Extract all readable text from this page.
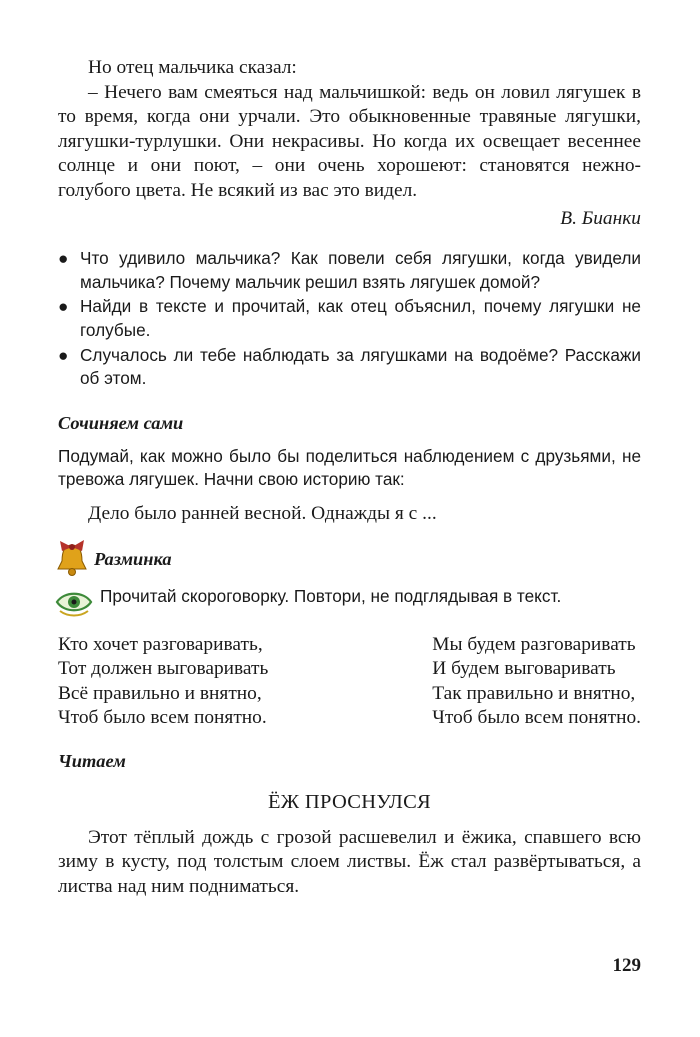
Но отец мальчика сказал:

– Нечего вам смеяться над мальчишкой: ведь он ловил лягушек в то время, когда они урчали. Это обыкновенные травяные лягушки, лягушки-турлушки. Они некрасивы. Но когда их освещает весеннее солнце и они поют, – они очень хорошеют: становятся нежно-голубого цвета. Не всякий из вас это видел.

В. Бианки
● Что удивило мальчика? Как повели себя лягушки, когда увидели мальчика? Почему мальчик решил взять лягушек домой?
● Найди в тексте и прочитай, как отец объяснил, почему лягушки не голубые.
● Случалось ли тебе наблюдать за лягушками на водоёме? Расскажи об этом.
Сочиняем сами

Подумай, как можно было бы поделиться наблюдением с друзьями, не тревожа лягушек. Начни свою историю так:

Дело было ранней весной. Однажды я с ...

Разминка

Прочитай скороговорку. Повтори, не подглядывая в текст.

Кто хочет разговаривать,

Тот должен выговаривать

Всё правильно и внятно,

Чтоб было всем понятно.

Мы будем разговаривать

И будем выговаривать

Так правильно и внятно,

Чтоб было всем понятно.

Читаем
ЁЖ ПРОСНУЛСЯ

Этот тёплый дождь с грозой расшевелил и ёжика, спавшего всю зиму в кусту, под толстым слоем листвы. Ёж стал развёртываться, а листва над ним подниматься.

129
